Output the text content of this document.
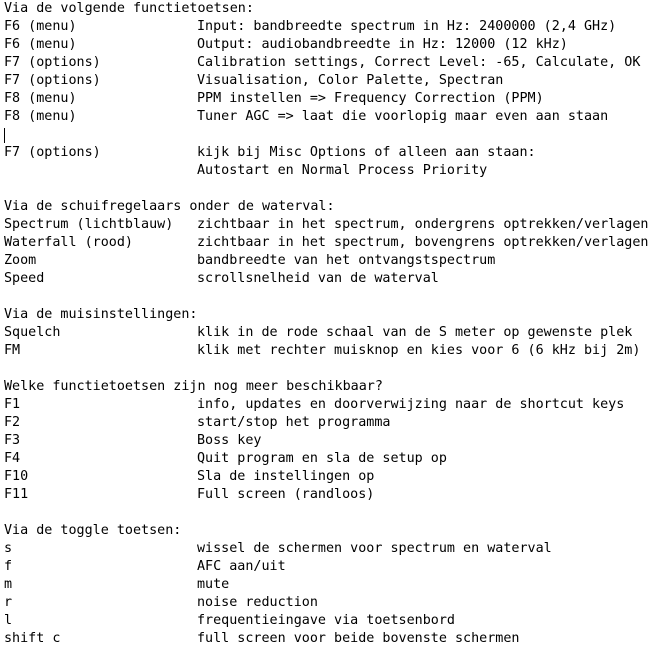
Via de volgende functietoetsen:
F6 (menu)	Input: bandbreedte spectrum in Hz: 2400000 (2,4 GHz)
F6 (menu)	Output: audiobandbreedte in Hz: 12000 (12 kHz)
F7 (options)	Calibration settings, Correct Level: -65, Calculate, OK
F7 (options)	Visualisation, Color Palette, Spectran
F8 (menu)	PPM instellen => Frequency Correction (PPM)
F8 (menu)	Tuner AGC => laat die voorlopig maar even aan staan
F7 (options)	kijk bij Misc Options of alleen aan staan:
Autostart en Normal Process Priority
Via de schuifregelaars onder de waterval:
Spectrum (lichtblauw) zichtbaar in het spectrum, ondergrens optrekken/verlagen
Waterfall (rood)	zichtbaar in het spectrum, bovengrens optrekken/verlagen
Zoom	bandbreedte van het ontvangstspectrum
Speed	scrollsnelheid van de waterval
Via de muisinstellingen:
Squelch	klik in de rode schaal van de S meter op gewenste plek
FM	klik met rechter muisknop en kies voor 6 (6 kHz bij 2m)
Welke functietoetsen zijn nog meer beschikbaar?
F1	info, updates en doorverwijzing naar de shortcut keys
F2	start/stop het programma
F3	Boss key
F4	Quit program en sla de setup op
F10	Sla de instellingen op
F11	Full screen (randloos)
Via de toggle toetsen:
s	wissel de schermen voor spectrum en waterval
f	AFC aan/uit
m	mute
r	noise reduction
l	frequentieingave via toetsenbord
shift c	full screen voor beide bovenste schermen
